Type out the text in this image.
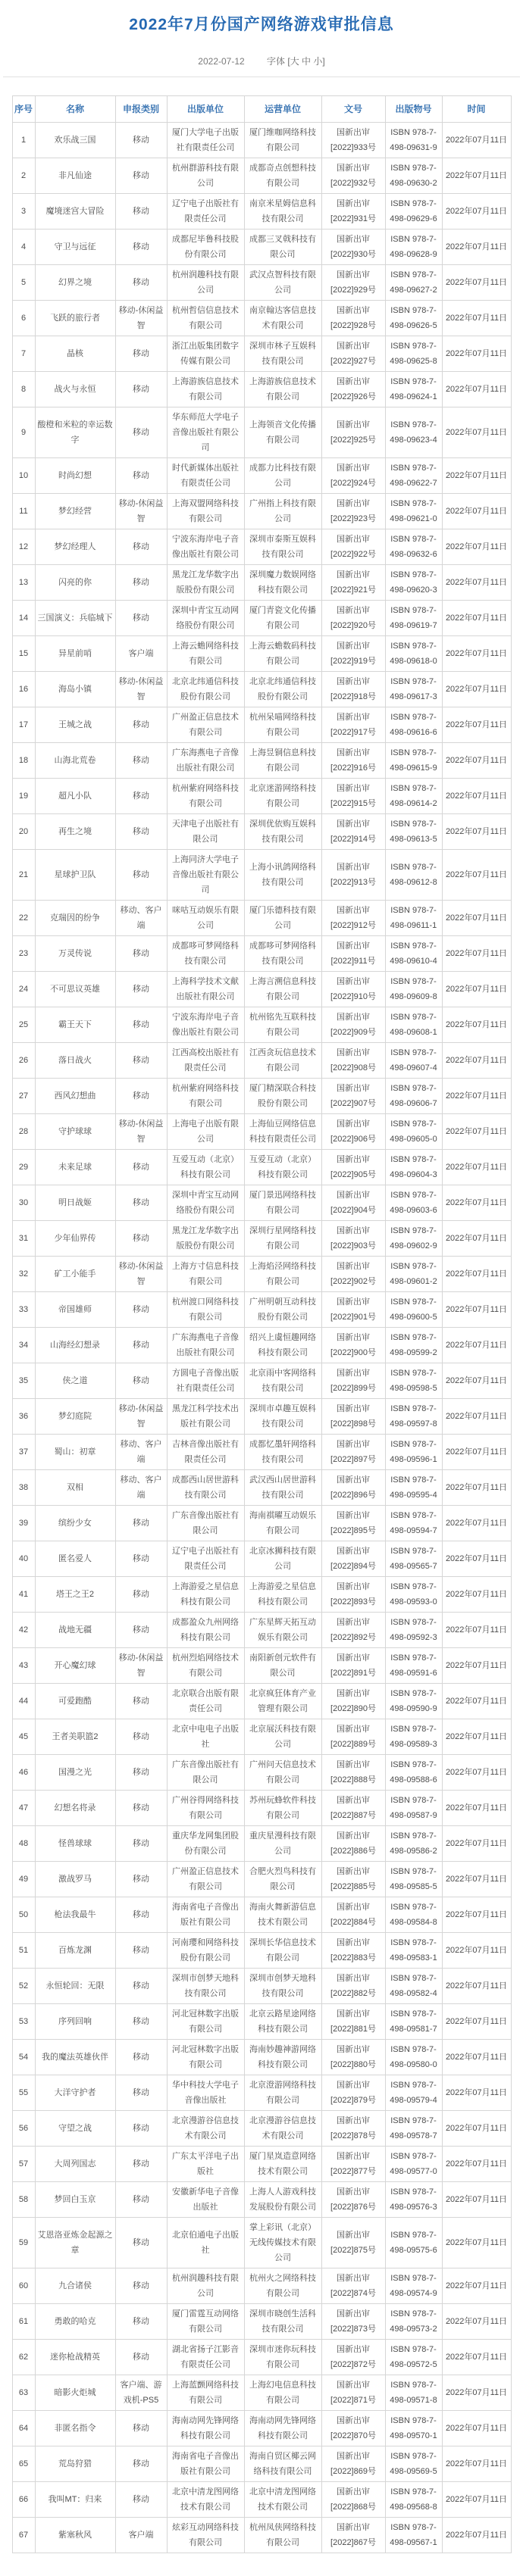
2022年7月份国产网络游戏审批信息
2022-07-12 字体 [大 中 小]
序号	名称	申报类别	出版单位	运营单位	文号	出版物号	时间
1	欢乐战三国	移动	厦门大学电子出版社有限责任公司	厦门维咖网络科技有限公司	国新出审[2022]933号	ISBN 978-7-498-09631-9	2022年07月11日
2	非凡仙途	移动	杭州群游科技有限公司	成都奇点创想科技有限公司	国新出审[2022]932号	ISBN 978-7-498-09630-2	2022年07月11日
3	魔境迷宫大冒险	移动	辽宁电子出版社有限责任公司	南京米星姆信息科技有限公司	国新出审[2022]931号	ISBN 978-7-498-09629-6	2022年07月11日
4	守卫与远征	移动	成都尼毕鲁科技股份有限公司	成都三叉戟科技有限公司	国新出审[2022]930号	ISBN 978-7-498-09628-9	2022年07月11日
5	幻界之境	移动	杭州润趣科技有限公司	武汉点智科技有限公司	国新出审[2022]929号	ISBN 978-7-498-09627-2	2022年07月11日
6	飞跃的旅行者	移动-休闲益智	杭州哲信信息技术有限公司	南京翰达客信息技术有限公司	国新出审[2022]928号	ISBN 978-7-498-09626-5	2022年07月11日
7	晶核	移动	浙江出版集团数字传媒有限公司	深圳市林子互娱科技有限公司	国新出审[2022]927号	ISBN 978-7-498-09625-8	2022年07月11日
8	战火与永恒	移动	上海游族信息技术有限公司	上海游族信息技术有限公司	国新出审[2022]926号	ISBN 978-7-498-09624-1	2022年07月11日
9	酸橙和米粒的幸运数字	移动	华东师范大学电子音像出版社有限公司	上海领音文化传播有限公司	国新出审[2022]925号	ISBN 978-7-498-09623-4	2022年07月11日
10	时尚幻想	移动	时代新媒体出版社有限责任公司	成都力比科技有限公司	国新出审[2022]924号	ISBN 978-7-498-09622-7	2022年07月11日
11	梦幻经营	移动-休闲益智	上海双盟网络科技有限公司	广州指上科技有限公司	国新出审[2022]923号	ISBN 978-7-498-09621-0	2022年07月11日
12	梦幻经理人	移动	宁波东海岸电子音像出版社有限公司	深圳市泰斯互娱科技有限公司	国新出审[2022]922号	ISBN 978-7-498-09632-6	2022年07月11日
13	闪亮的你	移动	黑龙江龙华数字出版股份有限公司	深圳魔力数娱网络科技有限公司	国新出审[2022]921号	ISBN 978-7-498-09620-3	2022年07月11日
14	三国演义：兵临城下	移动	深圳中青宝互动网络股份有限公司	厦门青瓷文化传播有限公司	国新出审[2022]920号	ISBN 978-7-498-09619-7	2022年07月11日
15	异星前哨	客户端	上海云蟾网络科技有限公司	上海云蟾数码科技有限公司	国新出审[2022]919号	ISBN 978-7-498-09618-0	2022年07月11日
16	海岛小镇	移动-休闲益智	北京北纬通信科技股份有限公司	北京北纬通信科技股份有限公司	国新出审[2022]918号	ISBN 978-7-498-09617-3	2022年07月11日
17	王城之战	移动	广州盈正信息技术有限公司	杭州呆喵网络科技有限公司	国新出审[2022]917号	ISBN 978-7-498-09616-6	2022年07月11日
18	山海北荒卷	移动	广东海燕电子音像出版社有限公司	上海昱铜信息科技有限公司	国新出审[2022]916号	ISBN 978-7-498-09615-9	2022年07月11日
19	超凡小队	移动	杭州紫府网络科技有限公司	北京迷游网络科技有限公司	国新出审[2022]915号	ISBN 978-7-498-09614-2	2022年07月11日
20	再生之境	移动	天津电子出版社有限公司	深圳优依购互娱科技有限公司	国新出审[2022]914号	ISBN 978-7-498-09613-5	2022年07月11日
21	星球护卫队	移动	上海同济大学电子音像出版社有限公司	上海小讯鸽网络科技有限公司	国新出审[2022]913号	ISBN 978-7-498-09612-8	2022年07月11日
22	克瑞因的纷争	移动、客户端	咪咕互动娱乐有限公司	厦门乐德科技有限公司	国新出审[2022]912号	ISBN 978-7-498-09611-1	2022年07月11日
23	万灵传说	移动	成都哆可梦网络科技有限公司	成都哆可梦网络科技有限公司	国新出审[2022]911号	ISBN 978-7-498-09610-4	2022年07月11日
24	不可思议英雄	移动	上海科学技术文献出版社有限公司	上海言溯信息科技有限公司	国新出审[2022]910号	ISBN 978-7-498-09609-8	2022年07月11日
25	霸王天下	移动	宁波东海岸电子音像出版社有限公司	杭州铭先互联科技有限公司	国新出审[2022]909号	ISBN 978-7-498-09608-1	2022年07月11日
26	落日战火	移动	江西高校出版社有限责任公司	江西贪玩信息技术有限公司	国新出审[2022]908号	ISBN 978-7-498-09607-4	2022年07月11日
27	西风幻想曲	移动	杭州紫府网络科技有限公司	厦门精深联合科技股份有限公司	国新出审[2022]907号	ISBN 978-7-498-09606-7	2022年07月11日
28	守护球球	移动-休闲益智	上海电子出版有限公司	上海仙豆网络信息科技有限责任公司	国新出审[2022]906号	ISBN 978-7-498-09605-0	2022年07月11日
29	未来足球	移动	互爱互动（北京）科技有限公司	互爱互动（北京）科技有限公司	国新出审[2022]905号	ISBN 978-7-498-09604-3	2022年07月11日
30	明日战姬	移动	深圳中青宝互动网络股份有限公司	厦门景迅网络科技有限公司	国新出审[2022]904号	ISBN 978-7-498-09603-6	2022年07月11日
31	少年仙界传	移动	黑龙江龙华数字出版股份有限公司	深圳行星网络科技有限公司	国新出审[2022]903号	ISBN 978-7-498-09602-9	2022年07月11日
32	矿工小能手	移动-休闲益智	上海方寸信息科技有限公司	上海焰泾网络科技有限公司	国新出审[2022]902号	ISBN 978-7-498-09601-2	2022年07月11日
33	帝国雄师	移动	杭州渡口网络科技有限公司	广州明朝互动科技股份有限公司	国新出审[2022]901号	ISBN 978-7-498-09600-5	2022年07月11日
34	山海经幻想录	移动	广东海燕电子音像出版社有限公司	绍兴上虞恒趣网络科技有限公司	国新出审[2022]900号	ISBN 978-7-498-09599-2	2022年07月11日
35	侠之道	移动	方圆电子音像出版社有限责任公司	北京雨中客网络科技有限公司	国新出审[2022]899号	ISBN 978-7-498-09598-5	2022年07月11日
36	梦幻庭院	移动-休闲益智	黑龙江科学技术出版社有限公司	深圳市卓趣互娱科技有限公司	国新出审[2022]898号	ISBN 978-7-498-09597-8	2022年07月11日
37	蜀山：初章	移动、客户端	吉林音像出版社有限责任公司	成都忆墨轩网络科技有限公司	国新出审[2022]897号	ISBN 978-7-498-09596-1	2022年07月11日
38	双相	移动、客户端	成都西山居世游科技有限公司	武汉西山居世游科技有限公司	国新出审[2022]896号	ISBN 978-7-498-09595-4	2022年07月11日
39	缤纷少女	移动	广东音像出版社有限公司	海南祺曜互动娱乐有限公司	国新出审[2022]895号	ISBN 978-7-498-09594-7	2022年07月11日
40	匿名爱人	移动	辽宁电子出版社有限责任公司	北京冰狮科技有限公司	国新出审[2022]894号	ISBN 978-7-498-09565-7	2022年07月11日
41	塔王之王2	移动	上海游爱之星信息科技有限公司	上海游爱之星信息科技有限公司	国新出审[2022]893号	ISBN 978-7-498-09593-0	2022年07月11日
42	战地无疆	移动	成都盈众九州网络科技有限公司	广东星辉天拓互动娱乐有限公司	国新出审[2022]892号	ISBN 978-7-498-09592-3	2022年07月11日
43	开心魔幻球	移动-休闲益智	杭州烈焰网络技术有限公司	南阳新创元软件有限公司	国新出审[2022]891号	ISBN 978-7-498-09591-6	2022年07月11日
44	可爱跑酷	移动	北京联合出版有限责任公司	北京疯狂体育产业管理有限公司	国新出审[2022]890号	ISBN 978-7-498-09590-9	2022年07月11日
45	王者美职篮2	移动	北京中电电子出版社	北京展沃科技有限公司	国新出审[2022]889号	ISBN 978-7-498-09589-3	2022年07月11日
46	国漫之光	移动	广东音像出版社有限公司	广州问天信息技术有限公司	国新出审[2022]888号	ISBN 978-7-498-09588-6	2022年07月11日
47	幻想名将录	移动	广州谷得网络科技有限公司	苏州玩蜂软件科技有限公司	国新出审[2022]887号	ISBN 978-7-498-09587-9	2022年07月11日
48	怪兽球球	移动	重庆华龙网集团股份有限公司	重庆星漫科技有限公司	国新出审[2022]886号	ISBN 978-7-498-09586-2	2022年07月11日
49	激战罗马	移动	广州盈正信息技术有限公司	合肥火烈鸟科技有限公司	国新出审[2022]885号	ISBN 978-7-498-09585-5	2022年07月11日
50	枪法我最牛	移动	海南省电子音像出版社有限公司	海南火舞新游信息技术有限公司	国新出审[2022]884号	ISBN 978-7-498-09584-8	2022年07月11日
51	百炼龙渊	移动	河南璎和网络科技股份有限公司	深圳长华信息技术有限公司	国新出审[2022]883号	ISBN 978-7-498-09583-1	2022年07月11日
52	永恒轮回：无限	移动	深圳市创梦天地科技有限公司	深圳市创梦天地科技有限公司	国新出审[2022]882号	ISBN 978-7-498-09582-4	2022年07月11日
53	序列回响	移动	河北冠林数字出版有限公司	北京云路星途网络科技有限公司	国新出审[2022]881号	ISBN 978-7-498-09581-7	2022年07月11日
54	我的魔法英雄伙伴	移动	河北冠林数字出版有限公司	海南妙趣神游网络科技有限公司	国新出审[2022]880号	ISBN 978-7-498-09580-0	2022年07月11日
55	大洋守护者	移动	华中科技大学电子音像出版社	北京澄游网络科技有限公司	国新出审[2022]879号	ISBN 978-7-498-09579-4	2022年07月11日
56	守望之战	移动	北京漫游谷信息技术有限公司	北京漫游谷信息技术有限公司	国新出审[2022]878号	ISBN 978-7-498-09578-7	2022年07月11日
57	大周列国志	移动	广东太平洋电子出版社	厦门星岚造意网络技术有限公司	国新出审[2022]877号	ISBN 978-7-498-09577-0	2022年07月11日
58	梦回白玉京	移动	安徽新华电子音像出版社	上海人人游戏科技发展股份有限公司	国新出审[2022]876号	ISBN 978-7-498-09576-3	2022年07月11日
59	艾恩洛亚炼金起源之章	移动	北京伯通电子出版社	掌上彩讯（北京）无线传媒技术有限公司	国新出审[2022]875号	ISBN 978-7-498-09575-6	2022年07月11日
60	九合诸侯	移动	杭州润趣科技有限公司	杭州火之网络科技有限公司	国新出审[2022]874号	ISBN 978-7-498-09574-9	2022年07月11日
61	勇敢的哈克	移动	厦门雷霆互动网络有限公司	深圳市晓创生活科技有限公司	国新出审[2022]873号	ISBN 978-7-498-09573-2	2022年07月11日
62	迷你枪战精英	移动	湖北省扬子江影音有限责任公司	深圳市迷你玩科技有限公司	国新出审[2022]872号	ISBN 978-7-498-09572-5	2022年07月11日
63	暗影火炬城	客户端、游戏机-PS5	上海蓝颤网络科技有限公司	上海幻电信息科技有限公司	国新出审[2022]871号	ISBN 978-7-498-09571-8	2022年07月11日
64	非匿名指令	移动	海南动网先锋网络科技有限公司	海南动网先锋网络科技有限公司	国新出审[2022]870号	ISBN 978-7-498-09570-1	2022年07月11日
65	荒岛狩猎	移动	海南省电子音像出版社有限公司	海南自贸区椰云网络科技有限公司	国新出审[2022]869号	ISBN 978-7-498-09569-5	2022年07月11日
66	我叫MT：归来	移动	北京中清龙图网络技术有限公司	北京中清龙图网络技术有限公司	国新出审[2022]868号	ISBN 978-7-498-09568-8	2022年07月11日
67	紫塞秋风	客户端	炫彩互动网络科技有限公司	杭州凤侠网络科技有限公司	国新出审[2022]867号	ISBN 978-7-498-09567-1	2022年07月11日
